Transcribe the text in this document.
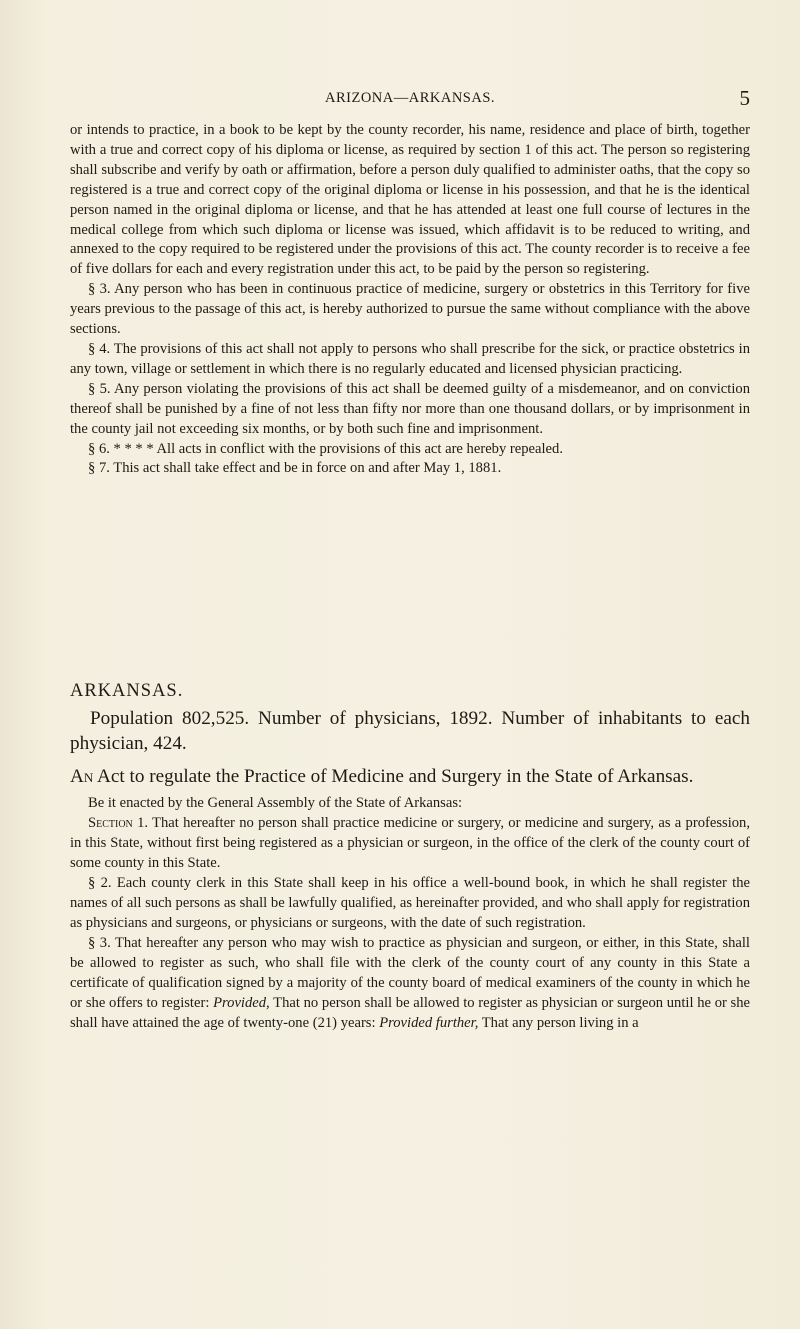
ARIZONA—ARKANSAS.	5

or intends to practice, in a book to be kept by the county recorder, his name, residence and place of birth, together with a true and correct copy of his diploma or license, as required by section 1 of this act. The person so registering shall subscribe and verify by oath or affirmation, before a person duly qualified to administer oaths, that the copy so registered is a true and correct copy of the original diploma or license in his possession, and that he is the identical person named in the original diploma or license, and that he has attended at least one full course of lectures in the medical college from which such diploma or license was issued, which affidavit is to be reduced to writing, and annexed to the copy required to be registered under the provisions of this act. The county recorder is to receive a fee of five dollars for each and every registration under this act, to be paid by the person so registering.

§ 3. Any person who has been in continuous practice of medicine, surgery or obstetrics in this Territory for five years previous to the passage of this act, is hereby authorized to pursue the same without compliance with the above sections.

§ 4. The provisions of this act shall not apply to persons who shall prescribe for the sick, or practice obstetrics in any town, village or settlement in which there is no regularly educated and licensed physician practicing.

§ 5. Any person violating the provisions of this act shall be deemed guilty of a misdemeanor, and on conviction thereof shall be punished by a fine of not less than fifty nor more than one thousand dollars, or by imprisonment in the county jail not exceeding six months, or by both such fine and imprisonment.

§ 6. * * * * All acts in conflict with the provisions of this act are hereby repealed.

§ 7. This act shall take effect and be in force on and after May 1, 1881.

ARKANSAS.

Population 802,525. Number of physicians, 1892. Number of inhabitants to each physician, 424.

An Act to regulate the Practice of Medicine and Surgery in the State of Arkansas.

Be it enacted by the General Assembly of the State of Arkansas:

Section 1. That hereafter no person shall practice medicine or surgery, or medicine and surgery, as a profession, in this State, without first being registered as a physician or surgeon, in the office of the clerk of the county court of some county in this State.

§ 2. Each county clerk in this State shall keep in his office a well-bound book, in which he shall register the names of all such persons as shall be lawfully qualified, as hereinafter provided, and who shall apply for registration as physicians and surgeons, or physicians or surgeons, with the date of such registration.

§ 3. That hereafter any person who may wish to practice as physician and surgeon, or either, in this State, shall be allowed to register as such, who shall file with the clerk of the county court of any county in this State a certificate of qualification signed by a majority of the county board of medical examiners of the county in which he or she offers to register: Provided, That no person shall be allowed to register as physician or surgeon until he or she shall have attained the age of twenty-one (21) years: Provided further, That any person living in a
